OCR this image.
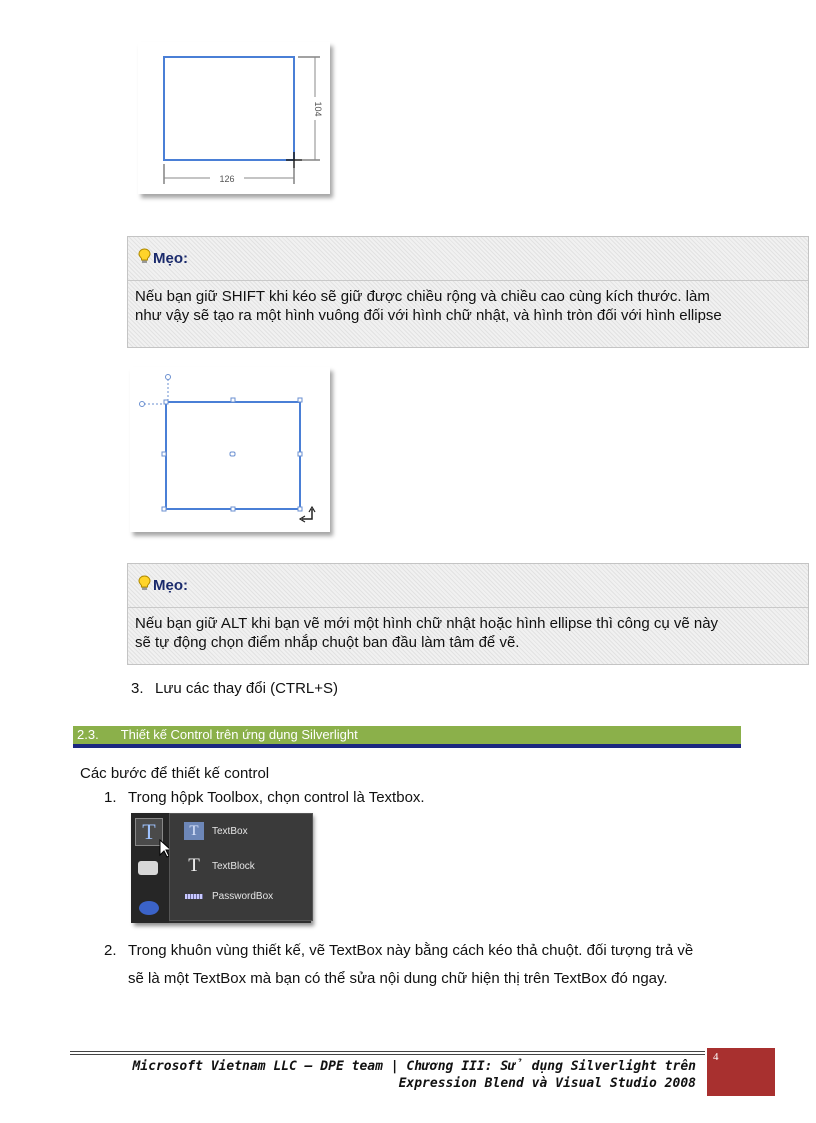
126
104
Mẹo:
Nếu bạn giữ SHIFT khi kéo sẽ giữ được chiều rộng và chiều cao cùng kích thước. làm
như vậy sẽ tạo ra một hình vuông đối với hình chữ nhật, và hình tròn đối với hình ellipse
Mẹo:
Nếu bạn giữ ALT khi bạn vẽ mới một hình chữ nhật hoặc hình ellipse thì công cụ vẽ này
sẽ tự động chọn điểm nhắp chuột ban đầu làm tâm để vẽ.
3. Lưu các thay đổi (CTRL+S)
2.3. Thiết kế Control trên ứng dụng Silverlight
Các bước để thiết kế control
1. Trong hộpk Toolbox, chọn control là Textbox.
T	T	TextBox
T	TextBlock
PasswordBox
2. Trong khuôn vùng thiết kế, vẽ TextBox này bằng cách kéo thả chuột. đối tượng trả về
sẽ là một TextBox mà bạn có thể sửa nội dung chữ hiện thị trên TextBox đó ngay.
Microsoft Vietnam LLC – DPE team | Chương III: Sử dụng Silverlight trên
Expression Blend và Visual Studio 2008
4
